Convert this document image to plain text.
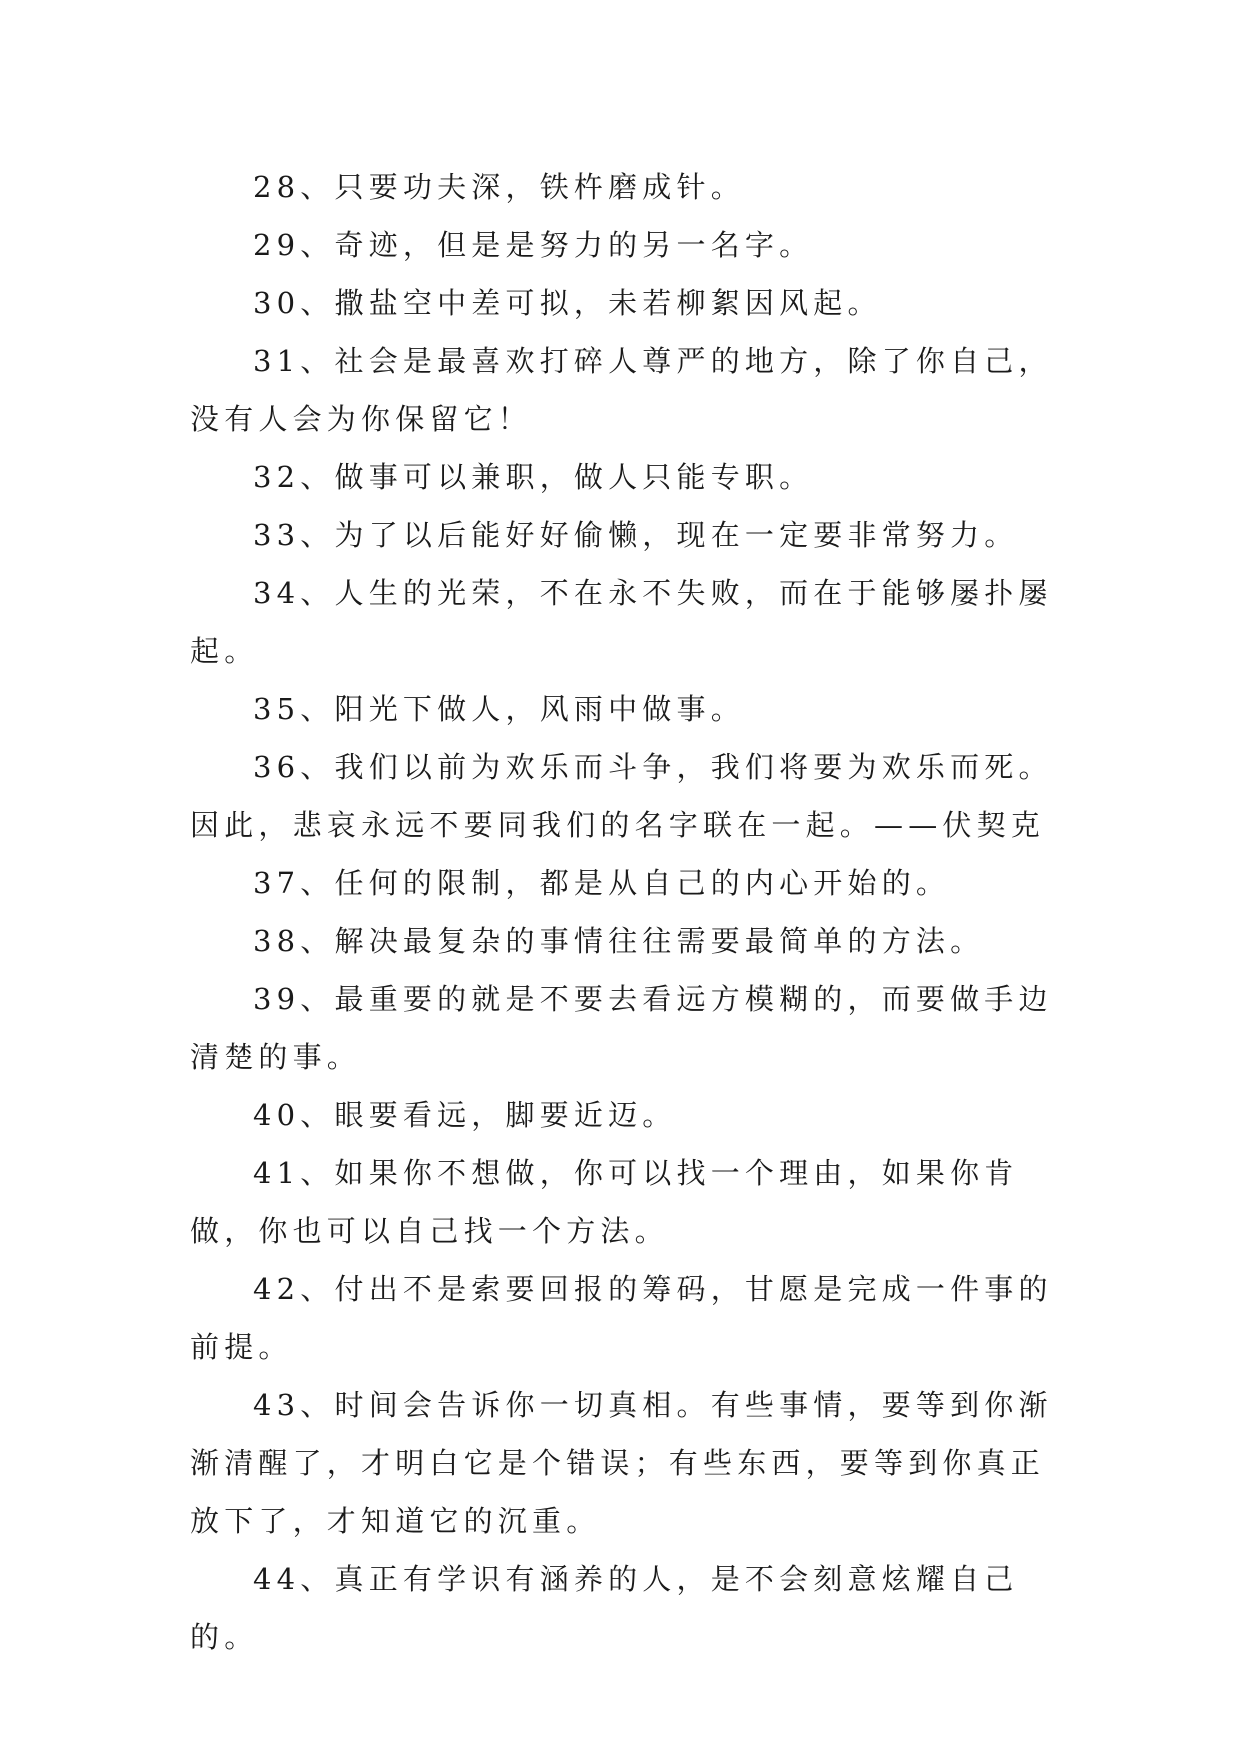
28、只要功夫深，铁杵磨成针。

29、奇迹，但是是努力的另一名字。

30、撒盐空中差可拟，未若柳絮因风起。

31、社会是最喜欢打碎人尊严的地方，除了你自己，没有人会为你保留它！

32、做事可以兼职，做人只能专职。

33、为了以后能好好偷懒，现在一定要非常努力。

34、人生的光荣，不在永不失败，而在于能够屡扑屡起。

35、阳光下做人，风雨中做事。

36、我们以前为欢乐而斗争，我们将要为欢乐而死。因此，悲哀永远不要同我们的名字联在一起。——伏契克

37、任何的限制，都是从自己的内心开始的。

38、解决最复杂的事情往往需要最简单的方法。

39、最重要的就是不要去看远方模糊的，而要做手边清楚的事。

40、眼要看远，脚要近迈。

41、如果你不想做，你可以找一个理由，如果你肯做，你也可以自己找一个方法。

42、付出不是索要回报的筹码，甘愿是完成一件事的前提。

43、时间会告诉你一切真相。有些事情，要等到你渐渐清醒了，才明白它是个错误；有些东西，要等到你真正放下了，才知道它的沉重。

44、真正有学识有涵养的人，是不会刻意炫耀自己的。
